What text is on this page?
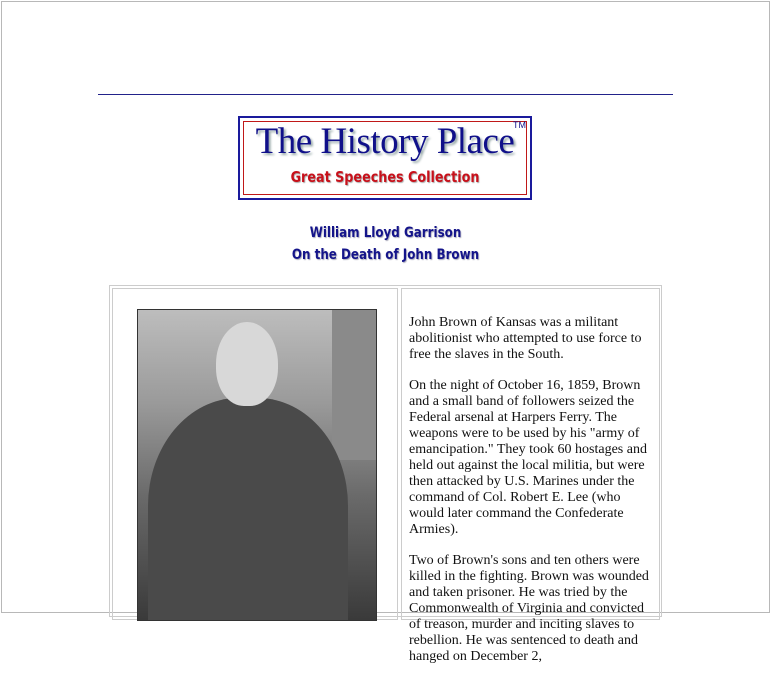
The History Place
TM
Great Speeches Collection
William Lloyd Garrison
On the Death of John Brown

John Brown of Kansas was a militant abolitionist who attempted to use force to free the slaves in the South.

On the night of October 16, 1859, Brown and a small band of followers seized the Federal arsenal at Harpers Ferry. The weapons were to be used by his "army of emancipation." They took 60 hostages and held out against the local militia, but were then attacked by U.S. Marines under the command of Col. Robert E. Lee (who would later command the Confederate Armies).

Two of Brown's sons and ten others were killed in the fighting. Brown was wounded and taken prisoner. He was tried by the Commonwealth of Virginia and convicted of treason, murder and inciting slaves to rebellion. He was sentenced to death and hanged on December 2,
